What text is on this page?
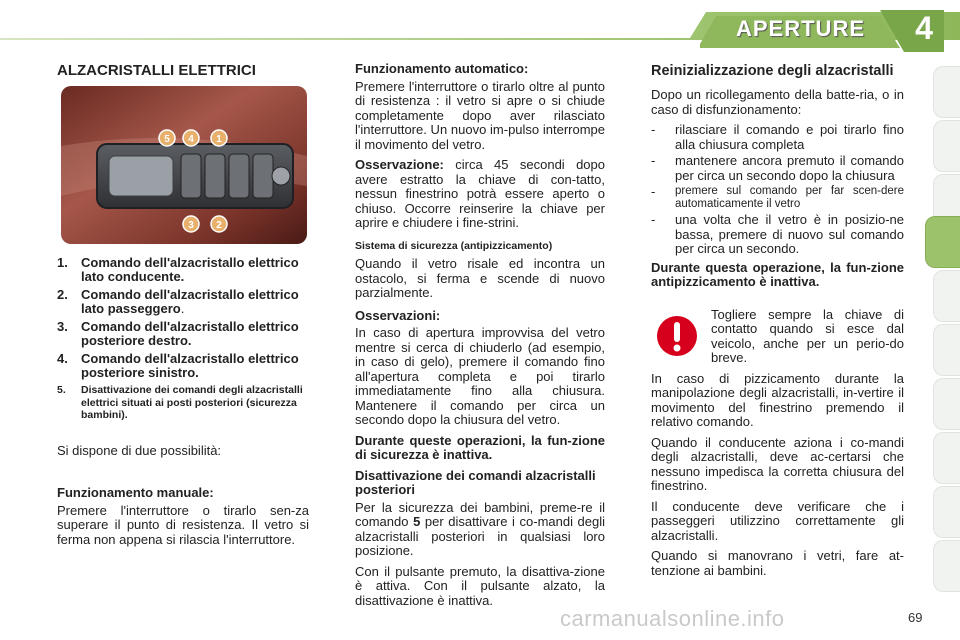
APERTURE	4
ALZACRISTALLI ELETTRICI
5 4 1
3 2
1.	Comando dell'alzacristallo elettrico lato conducente.
2.	Comando dell'alzacristallo elettrico lato passeggero.
3.	Comando dell'alzacristallo elettrico posteriore destro.
4.	Comando dell'alzacristallo elettrico posteriore sinistro.
5.	Disattivazione dei comandi degli alzacristalli elettrici situati ai posti posteriori (sicurezza bambini).

Si dispone di due possibilità:

Funzionamento manuale:

Premere l'interruttore o tirarlo sen-za superare il punto di resistenza. Il vetro si ferma non appena si rilascia l'interruttore.

Funzionamento automatico:

Premere l'interruttore o tirarlo oltre al punto di resistenza : il vetro si apre o si chiude completamente dopo aver rilasciato l'interruttore. Un nuovo im-pulso interrompe il movimento del vetro.

Osservazione: circa 45 secondi dopo avere estratto la chiave di con-tatto, nessun finestrino potrà essere aperto o chiuso. Occorre reinserire la chiave per aprire e chiudere i fine-strini.

Sistema di sicurezza (antipizzicamento)

Quando il vetro risale ed incontra un ostacolo, si ferma e scende di nuovo parzialmente.

Osservazioni:

In caso di apertura improvvisa del vetro mentre si cerca di chiuderlo (ad esempio, in caso di gelo), premere il comando fino all'apertura completa e poi tirarlo immediatamente fino alla chiusura. Mantenere il comando per circa un secondo dopo la chiusura del vetro.

Durante queste operazioni, la fun-zione di sicurezza è inattiva.

Disattivazione dei comandi alzacristalli posteriori

Per la sicurezza dei bambini, preme-re il comando 5 per disattivare i co-mandi degli alzacristalli posteriori in qualsiasi loro posizione.

Con il pulsante premuto, la disattiva-zione è attiva. Con il pulsante alzato, la disattivazione è inattiva.

Reinizializzazione degli alzacristalli

Dopo un ricollegamento della batte-ria, o in caso di disfunzionamento:

-	rilasciare il comando e poi tirarlo fino alla chiusura completa
-	mantenere ancora premuto il comando per circa un secondo dopo la chiusura
-	premere sul comando per far scen-dere automaticamente il vetro
-	una volta che il vetro è in posizio-ne bassa, premere di nuovo sul comando per circa un secondo.

Durante questa operazione, la fun-zione antipizzicamento è inattiva.

Togliere sempre la chiave di contatto quando si esce dal veicolo, anche per un perio-do breve.

In caso di pizzicamento durante la manipolazione degli alzacristalli, in-vertire il movimento del finestrino premendo il relativo comando.

Quando il conducente aziona i co-mandi degli alzacristalli, deve ac-certarsi che nessuno impedisca la corretta chiusura del finestrino.

Il conducente deve verificare che i passeggeri utilizzino correttamente gli alzacristalli.

Quando si manovrano i vetri, fare at-tenzione ai bambini.

carmanualsonline.info	69
